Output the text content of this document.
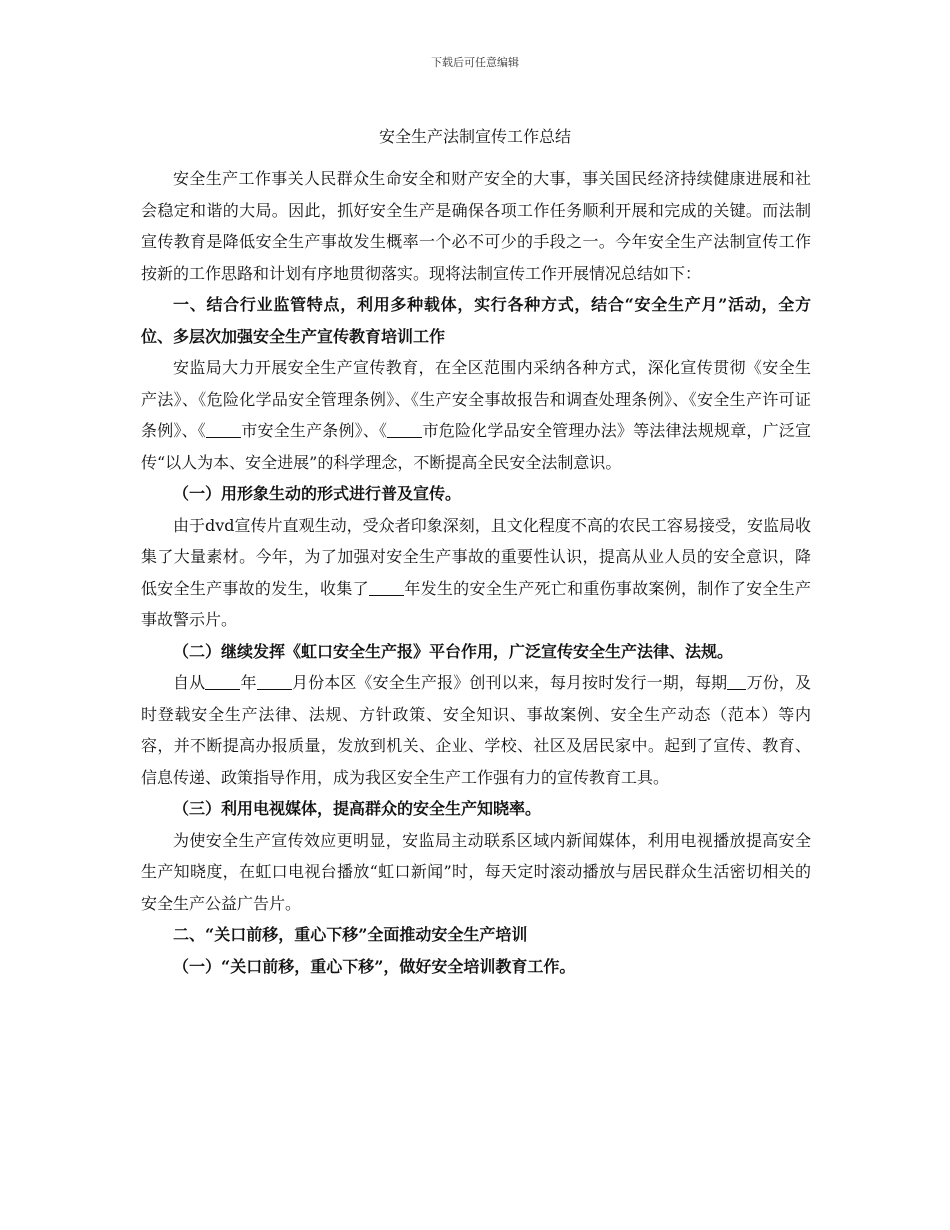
下载后可任意编辑
安全生产法制宣传工作总结

安全生产工作事关人民群众生命安全和财产安全的大事，事关国民经济持续健康进展和社会稳定和谐的大局。因此，抓好安全生产是确保各项工作任务顺利开展和完成的关键。而法制宣传教育是降低安全生产事故发生概率一个必不可少的手段之一。今年安全生产法制宣传工作按新的工作思路和计划有序地贯彻落实。现将法制宣传工作开展情况总结如下：

一、结合行业监管特点，利用多种载体，实行各种方式，结合“安全生产月”活动，全方位、多层次加强安全生产宣传教育培训工作

安监局大力开展安全生产宣传教育，在全区范围内采纳各种方式，深化宣传贯彻《安全生产法》、《危险化学品安全管理条例》、《生产安全事故报告和调查处理条例》、《安全生产许可证条例》、《 市安全生产条例》、《 市危险化学品安全管理办法》等法律法规规章，广泛宣传“以人为本、安全进展”的科学理念，不断提高全民安全法制意识。

（一）用形象生动的形式进行普及宣传。

由于dvd宣传片直观生动，受众者印象深刻，且文化程度不高的农民工容易接受，安监局收集了大量素材。今年，为了加强对安全生产事故的重要性认识，提高从业人员的安全意识，降低安全生产事故的发生，收集了 年发生的安全生产死亡和重伤事故案例，制作了安全生产事故警示片。

（二）继续发挥《虹口安全生产报》平台作用，广泛宣传安全生产法律、法规。

自从 年 月份本区《安全生产报》创刊以来，每月按时发行一期，每期 万份，及时登载安全生产法律、法规、方针政策、安全知识、事故案例、安全生产动态（范本）等内容，并不断提高办报质量，发放到机关、企业、学校、社区及居民家中。起到了宣传、教育、信息传递、政策指导作用，成为我区安全生产工作强有力的宣传教育工具。

（三）利用电视媒体，提高群众的安全生产知晓率。

为使安全生产宣传效应更明显，安监局主动联系区域内新闻媒体，利用电视播放提高安全生产知晓度，在虹口电视台播放“虹口新闻”时，每天定时滚动播放与居民群众生活密切相关的安全生产公益广告片。

二、“关口前移，重心下移”全面推动安全生产培训

（一）“关口前移，重心下移”，做好安全培训教育工作。
